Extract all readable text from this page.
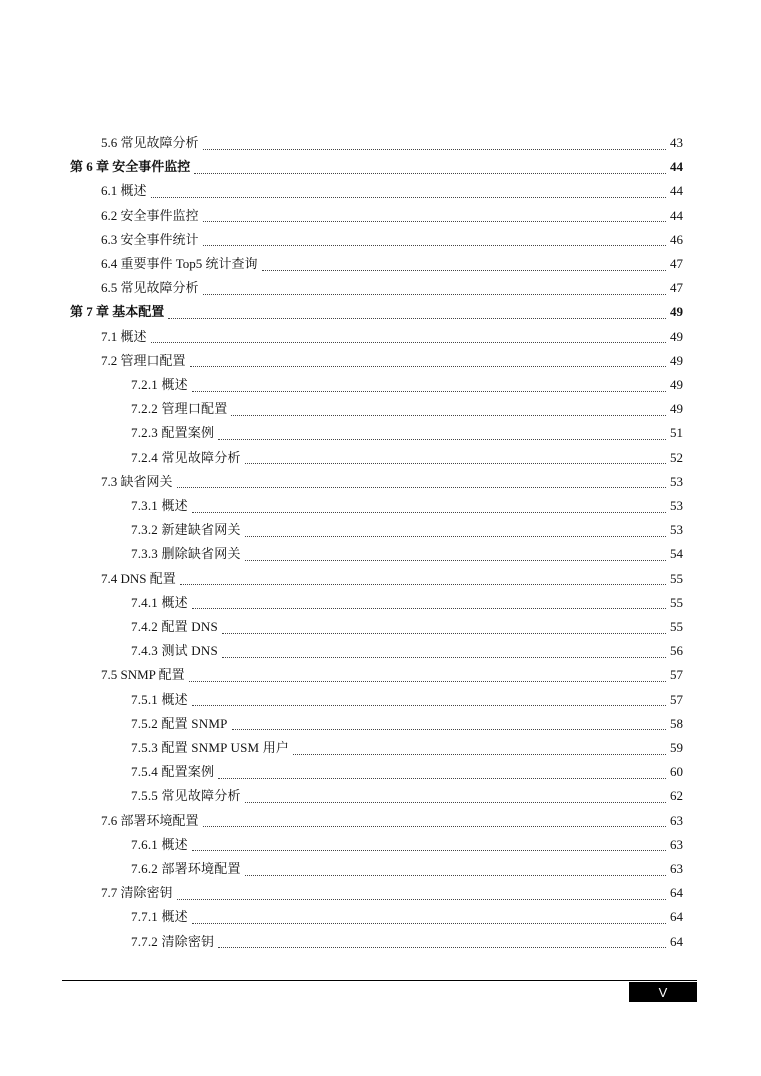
5.6 常见故障分析	43
第 6 章 安全事件监控	44
6.1 概述	44
6.2 安全事件监控	44
6.3 安全事件统计	46
6.4 重要事件 Top5 统计查询	47
6.5 常见故障分析	47
第 7 章 基本配置	49
7.1 概述	49
7.2 管理口配置	49
7.2.1 概述	49
7.2.2 管理口配置	49
7.2.3 配置案例	51
7.2.4 常见故障分析	52
7.3 缺省网关	53
7.3.1 概述	53
7.3.2 新建缺省网关	53
7.3.3 删除缺省网关	54
7.4 DNS 配置	55
7.4.1 概述	55
7.4.2 配置 DNS	55
7.4.3 测试 DNS	56
7.5 SNMP 配置	57
7.5.1 概述	57
7.5.2 配置 SNMP	58
7.5.3 配置 SNMP USM 用户	59
7.5.4 配置案例	60
7.5.5 常见故障分析	62
7.6 部署环境配置	63
7.6.1 概述	63
7.6.2 部署环境配置	63
7.7 清除密钥	64
7.7.1 概述	64
7.7.2 清除密钥	64
V
